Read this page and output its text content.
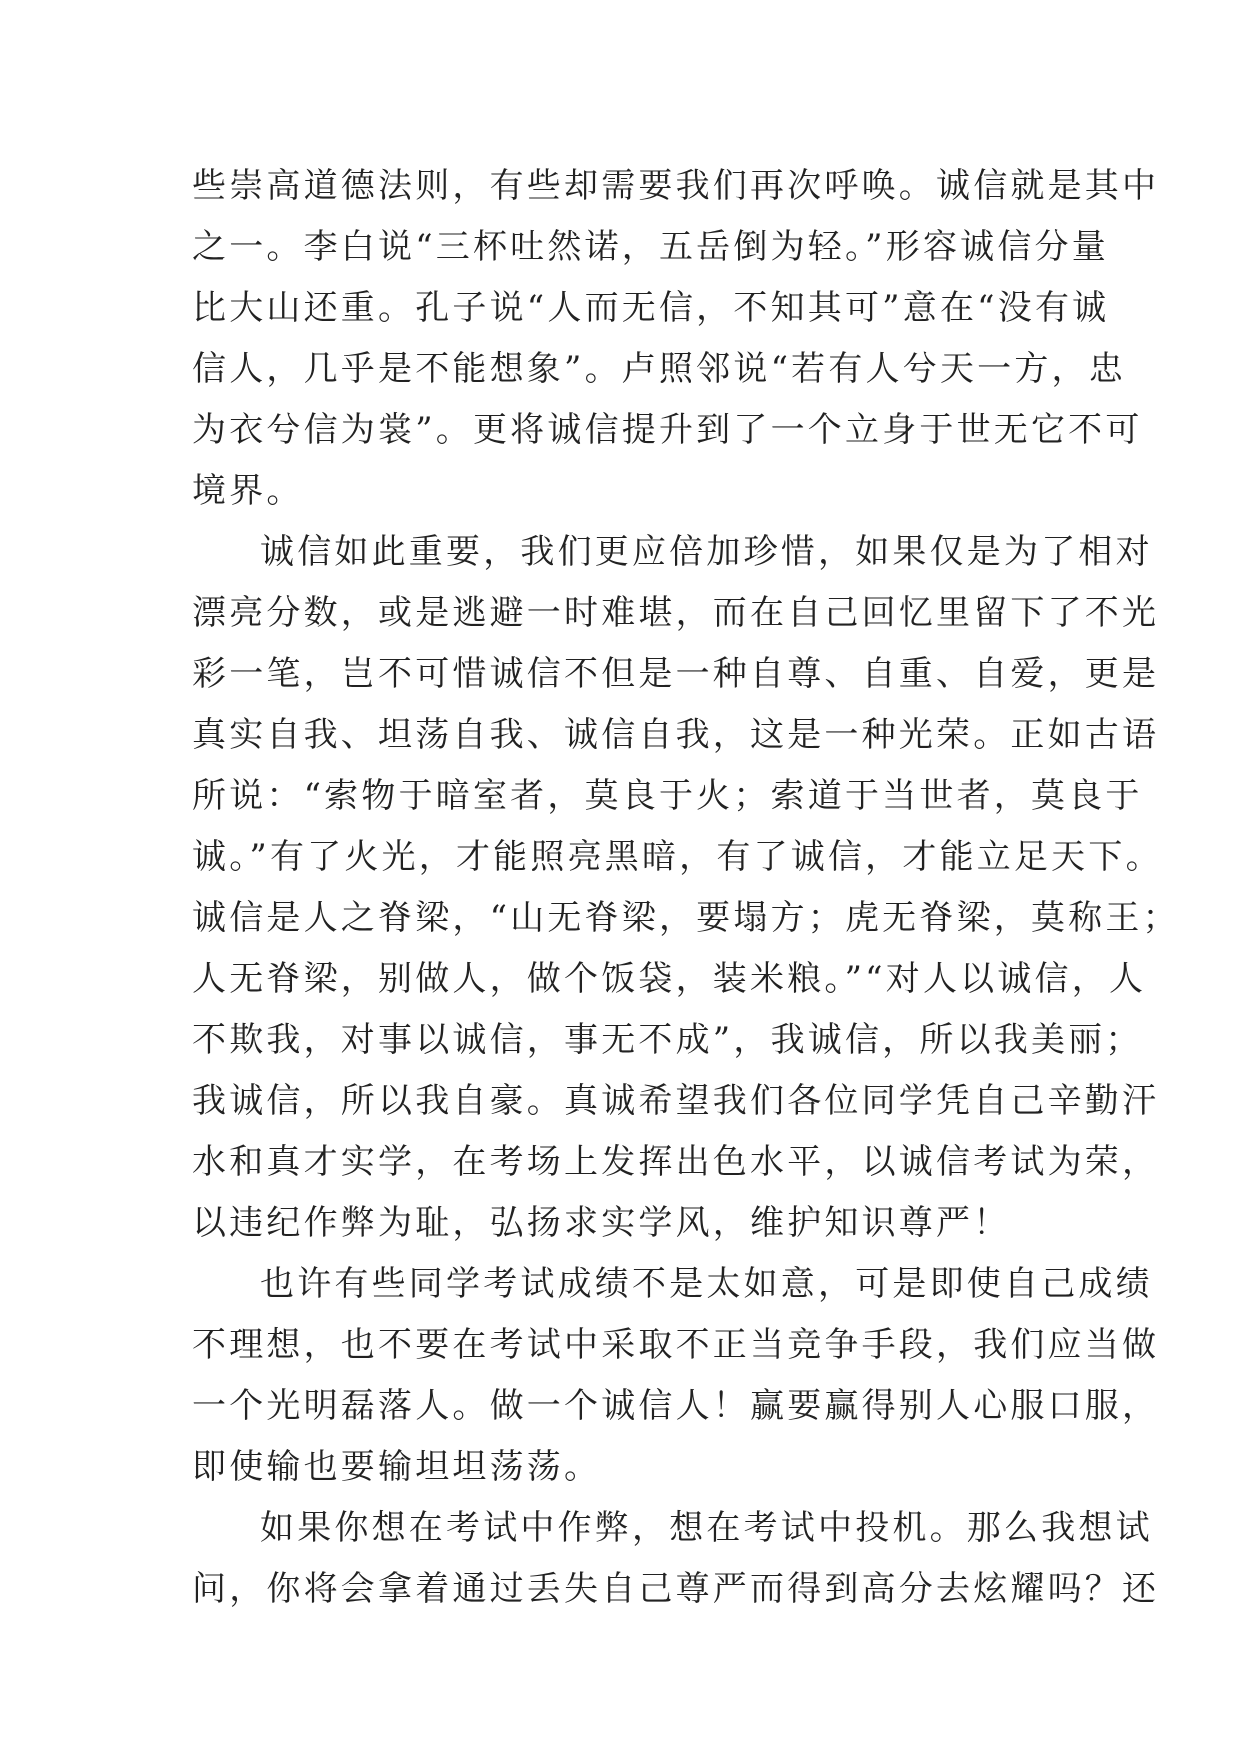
些崇高道德法则，有些却需要我们再次呼唤。诚信就是其中
之一。李白说“三杯吐然诺，五岳倒为轻。”形容诚信分量
比大山还重。孔子说“人而无信，不知其可”意在“没有诚
信人，几乎是不能想象”。卢照邻说“若有人兮天一方，忠
为衣兮信为裳”。更将诚信提升到了一个立身于世无它不可
境界。
诚信如此重要，我们更应倍加珍惜，如果仅是为了相对
漂亮分数，或是逃避一时难堪，而在自己回忆里留下了不光
彩一笔，岂不可惜诚信不但是一种自尊、自重、自爱，更是
真实自我、坦荡自我、诚信自我，这是一种光荣。正如古语
所说：“索物于暗室者，莫良于火；索道于当世者，莫良于
诚。”有了火光，才能照亮黑暗，有了诚信，才能立足天下。
诚信是人之脊梁，“山无脊梁，要塌方；虎无脊梁，莫称王；
人无脊梁，别做人，做个饭袋，装米粮。”“对人以诚信，人
不欺我，对事以诚信，事无不成”，我诚信，所以我美丽；
我诚信，所以我自豪。真诚希望我们各位同学凭自己辛勤汗
水和真才实学，在考场上发挥出色水平，以诚信考试为荣，
以违纪作弊为耻，弘扬求实学风，维护知识尊严！
也许有些同学考试成绩不是太如意，可是即使自己成绩
不理想，也不要在考试中采取不正当竞争手段，我们应当做
一个光明磊落人。做一个诚信人！赢要赢得别人心服口服，
即使输也要输坦坦荡荡。
如果你想在考试中作弊，想在考试中投机。那么我想试
问，你将会拿着通过丢失自己尊严而得到高分去炫耀吗？还
